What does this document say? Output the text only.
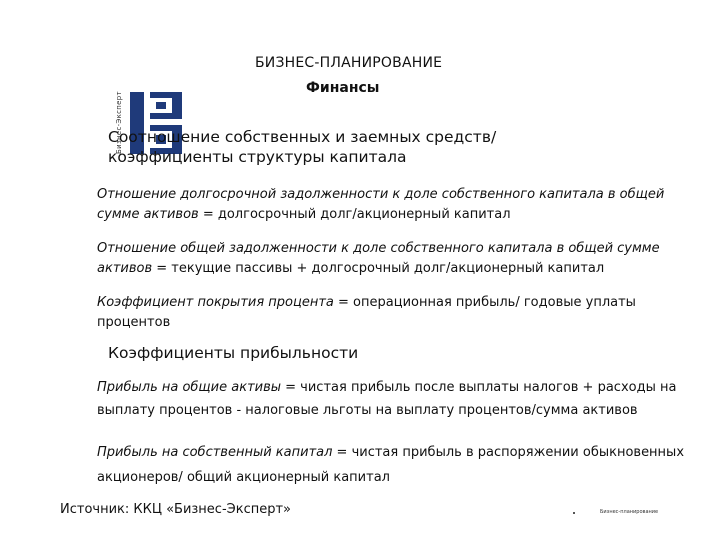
Бизнес-Эксперт
БИЗНЕС-ПЛАНИРОВАНИЕ
Финансы
Соотношение собственных и заемных средств/
коэффициенты структуры капитала
Отношение долгосрочной задолженности к доле собственного капитала в общей
сумме активов = долгосрочный долг/акционерный капитал
Отношение общей задолженности к доле собственного капитала в общей сумме
активов = текущие пассивы + долгосрочный долг/акционерный капитал
Коэффициент покрытия процента = операционная прибыль/ годовые уплаты
процентов
Коэффициенты прибыльности
Прибыль на общие активы = чистая прибыль после выплаты налогов + расходы на
выплату процентов - налоговые льготы на выплату процентов/сумма активов
Прибыль на собственный капитал = чистая прибыль в распоряжении обыкновенных
акционеров/ общий акционерный капитал
Источник: ККЦ «Бизнес-Эксперт»	Бизнес-планирование
